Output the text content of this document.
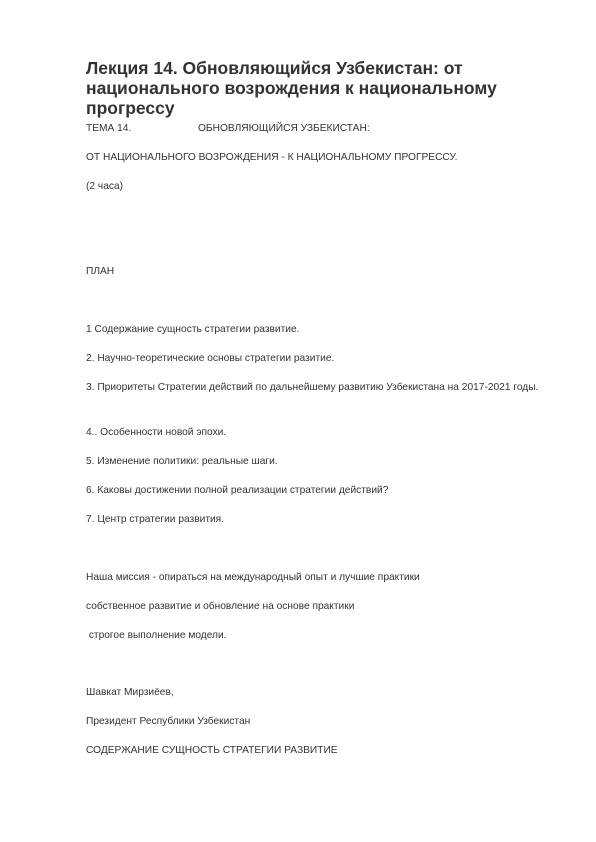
Лекция 14. Обновляющийся Узбекистан: от национального возрождения к национальному прогрессу
ТЕМА 14.	ОБНОВЛЯЮЩИЙСЯ УЗБЕКИСТАН:
ОТ НАЦИОНАЛЬНОГО ВОЗРОЖДЕНИЯ - К НАЦИОНАЛЬНОМУ ПРОГРЕССУ.
(2 часа)
ПЛАН
1 Содержание сущность стратегии развитие.
2. Научно-теоретические основы стратегии разитие.
3. Приоритеты Стратегии действий по дальнейшему развитию Узбекистана на 2017-2021 годы.
4.. Особенности новой эпохи.
5. Изменение политики: реальные шаги.
6. Каковы достижении полной реализации стратегии действий?
7. Центр стратегии развития.
Наша миссия - опираться на международный опыт и лучшие практики
собственное развитие и обновление на основе практики
строгое выполнение модели.
Шавкат Мирзиёев,
Президент Республики Узбекистан
СОДЕРЖАНИЕ СУЩНОСТЬ СТРАТЕГИИ РАЗВИТИЕ
